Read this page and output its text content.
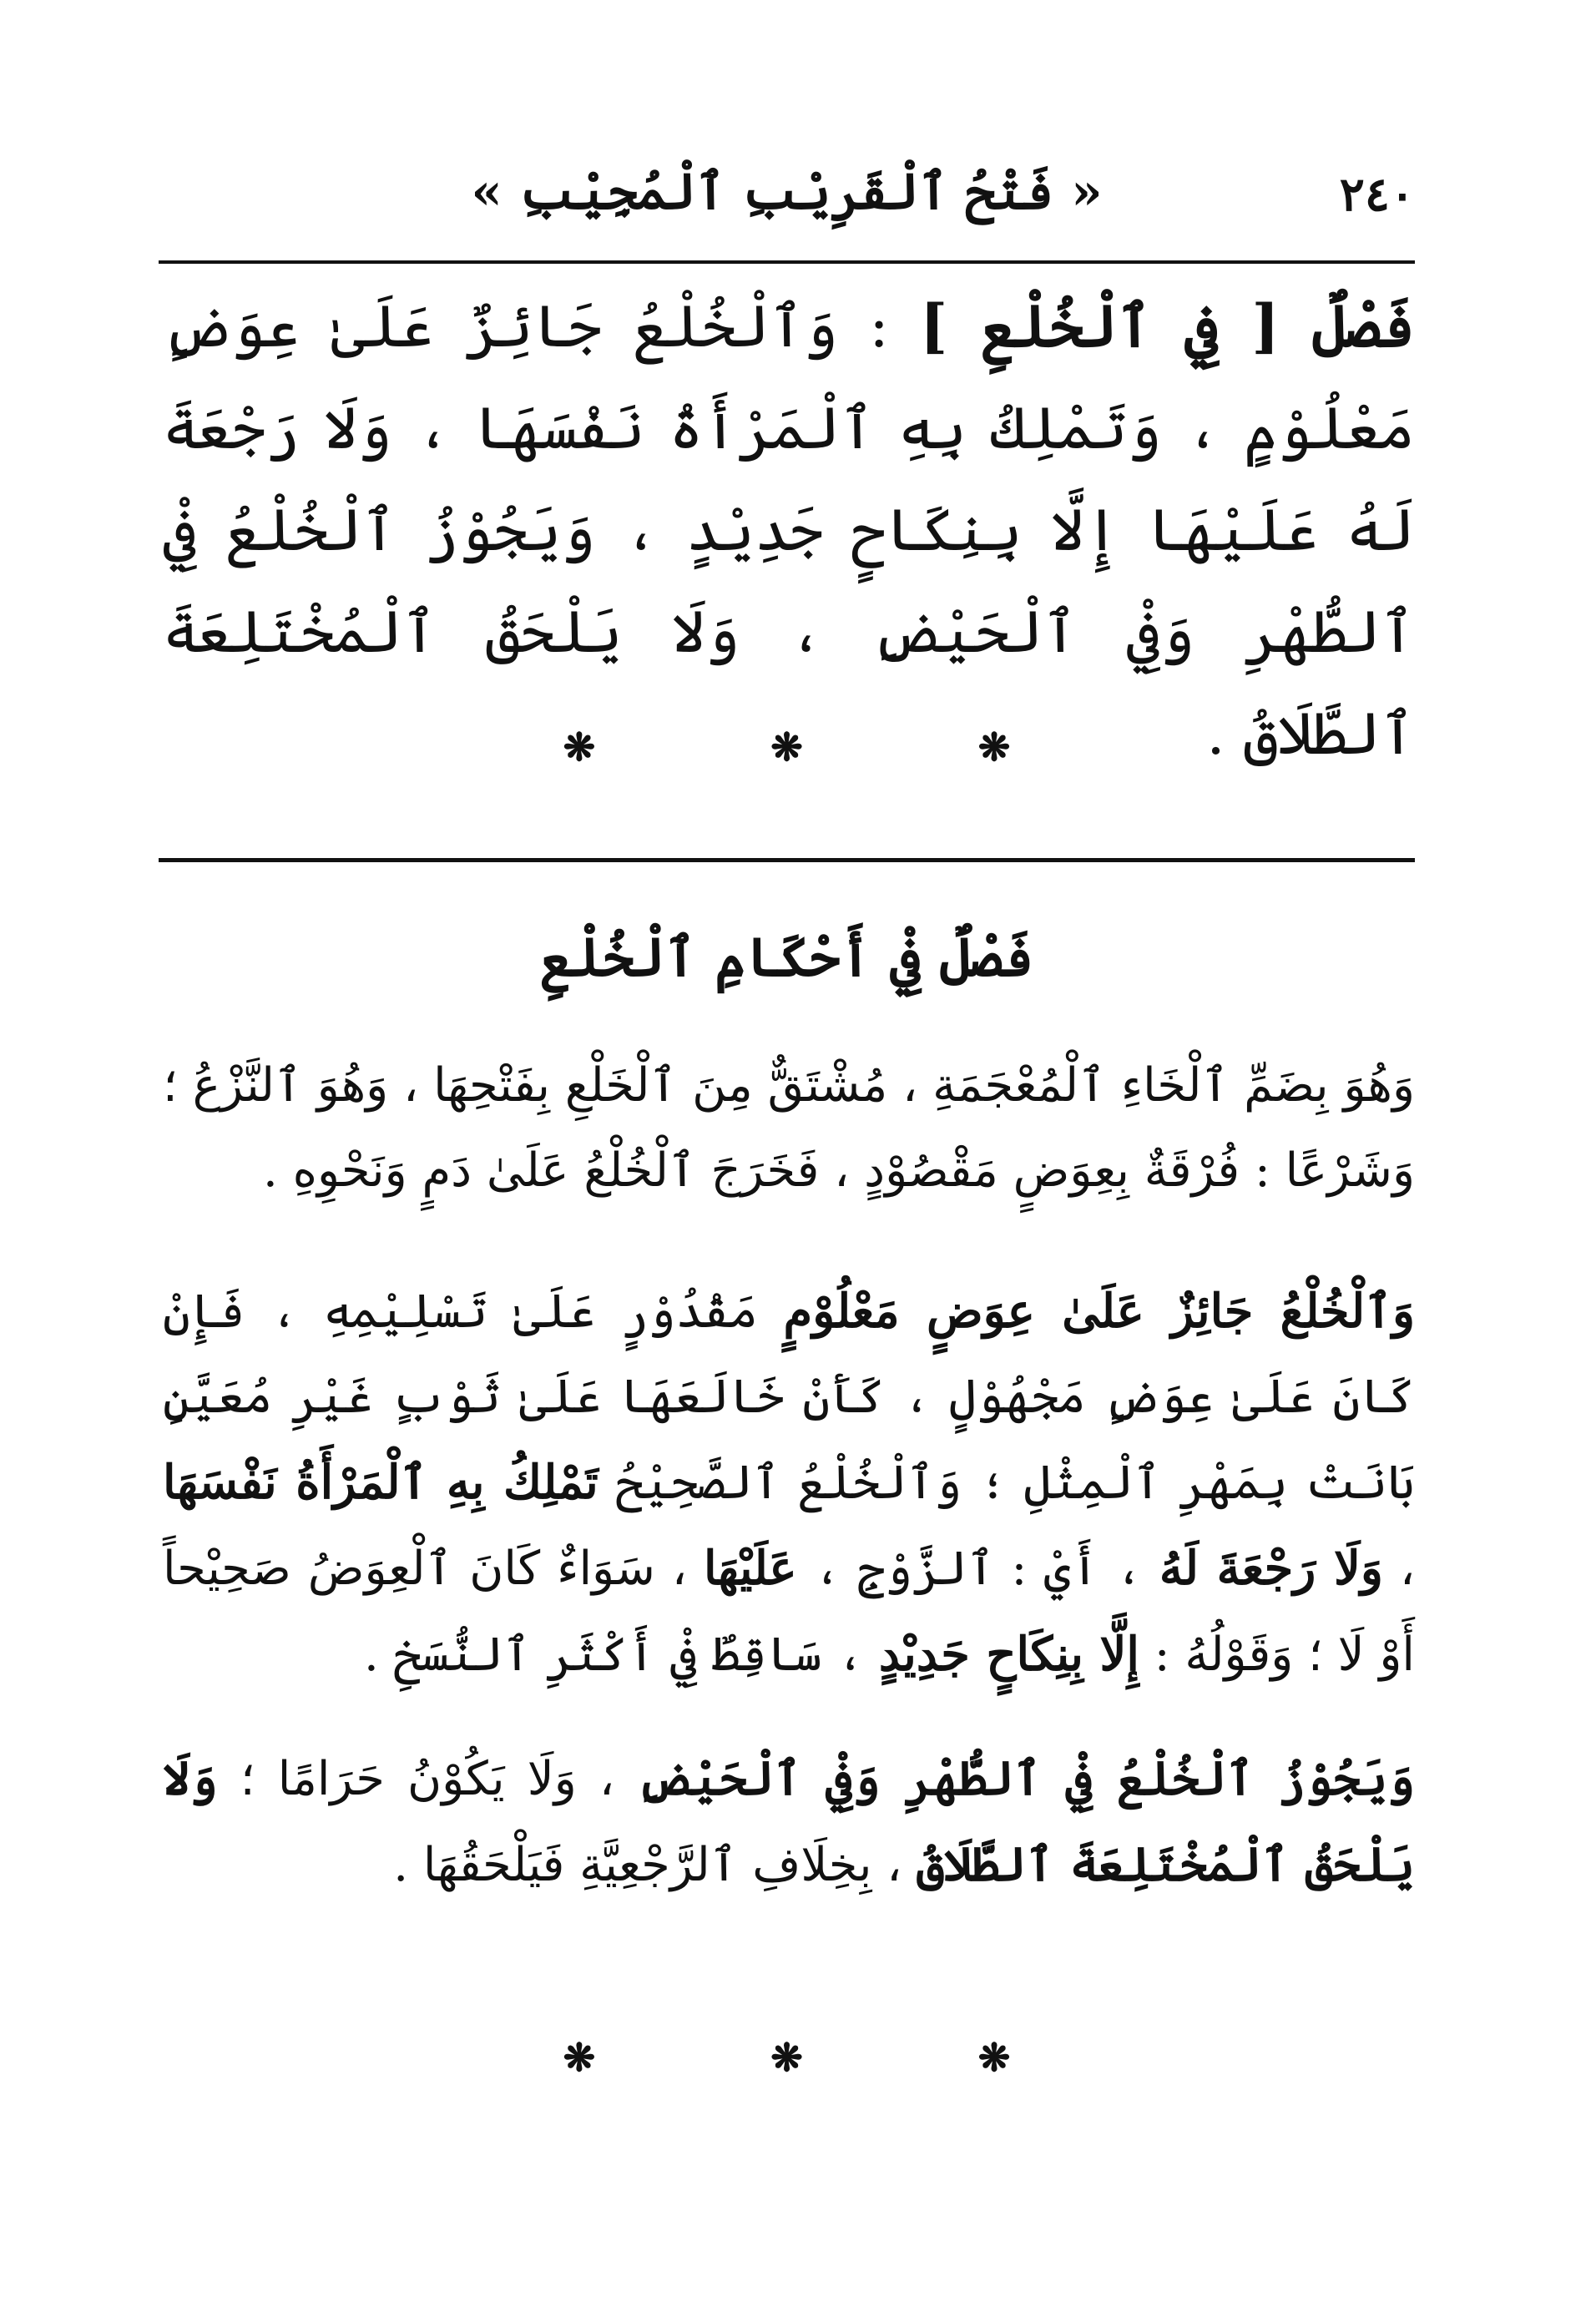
٢٤٠
« فَتْحُ ٱلْقَرِيْبِ ٱلْمُجِيْبِ »
فَصْلٌ [ فِي ٱلْخُلْعِ ] : وَٱلْخُلْعُ جَائِزٌ عَلَىٰ عِوَضٍ مَعْلُوْمٍ ، وَتَمْلِكُ بِهِ ٱلْمَرْأَةُ نَفْسَهَا ، وَلَا رَجْعَةَ لَهُ عَلَيْهَا إِلَّا بِنِكَاحٍ جَدِيْدٍ ، وَيَجُوْزُ ٱلْخُلْعُ فِيْ ٱلطُّهْرِ وَفِيْ ٱلْحَيْضِ ، وَلَا يَلْحَقُ ٱلْمُخْتَلِعَةَ ٱلطَّلَاقُ .
❋	❋	❋
فَصْلٌ فِيْ أَحْكَامِ ٱلْخُلْعِ
وَهُوَ بِضَمِّ ٱلْخَاءِ ٱلْمُعْجَمَةِ ، مُشْتَقٌّ مِنَ ٱلْخَلْعِ بِفَتْحِهَا ، وَهُوَ ٱلنَّزْعُ ؛ وَشَرْعًا : فُرْقَةٌ بِعِوَضٍ مَقْصُوْدٍ ، فَخَرَجَ ٱلْخُلْعُ عَلَىٰ دَمٍ وَنَحْوِهِ .
وَٱلْخُلْعُ جَائِزٌ عَلَىٰ عِوَضٍ مَعْلُوْمٍ مَقْدُوْرٍ عَلَىٰ تَسْلِيْمِهِ ، فَإِنْ كَانَ عَلَىٰ عِوَضٍ مَجْهُوْلٍ ، كَأَنْ خَالَعَهَا عَلَىٰ ثَوْبٍ غَيْرِ مُعَيَّنٍ بَانَتْ بِمَهْرِ ٱلْمِثْلِ ؛ وَٱلْخُلْعُ ٱلصَّحِيْحُ تَمْلِكُ بِهِ ٱلْمَرْأَةُ نَفْسَهَا ، وَلَا رَجْعَةَ لَهُ ، أَيْ : ٱلزَّوْجِ ، عَلَيْهَا ، سَوَاءٌ كَانَ ٱلْعِوَضُ صَحِيْحاً أَوْ لَا ؛ وَقَوْلُهُ : إِلَّا بِنِكَاحٍ جَدِيْدٍ ، سَاقِطٌ فِيْ أَكْثَرِ ٱلنُّسَخِ .
وَيَجُوْزُ ٱلْخُلْعُ فِيْ ٱلطُّهْرِ وَفِيْ ٱلْحَيْضِ ، وَلَا يَكُوْنُ حَرَامًا ؛ وَلَا يَلْحَقُ ٱلْمُخْتَلِعَةَ ٱلطَّلَاقُ ، بِخِلَافِ ٱلرَّجْعِيَّةِ فَيَلْحَقُهَا .
❋	❋	❋
